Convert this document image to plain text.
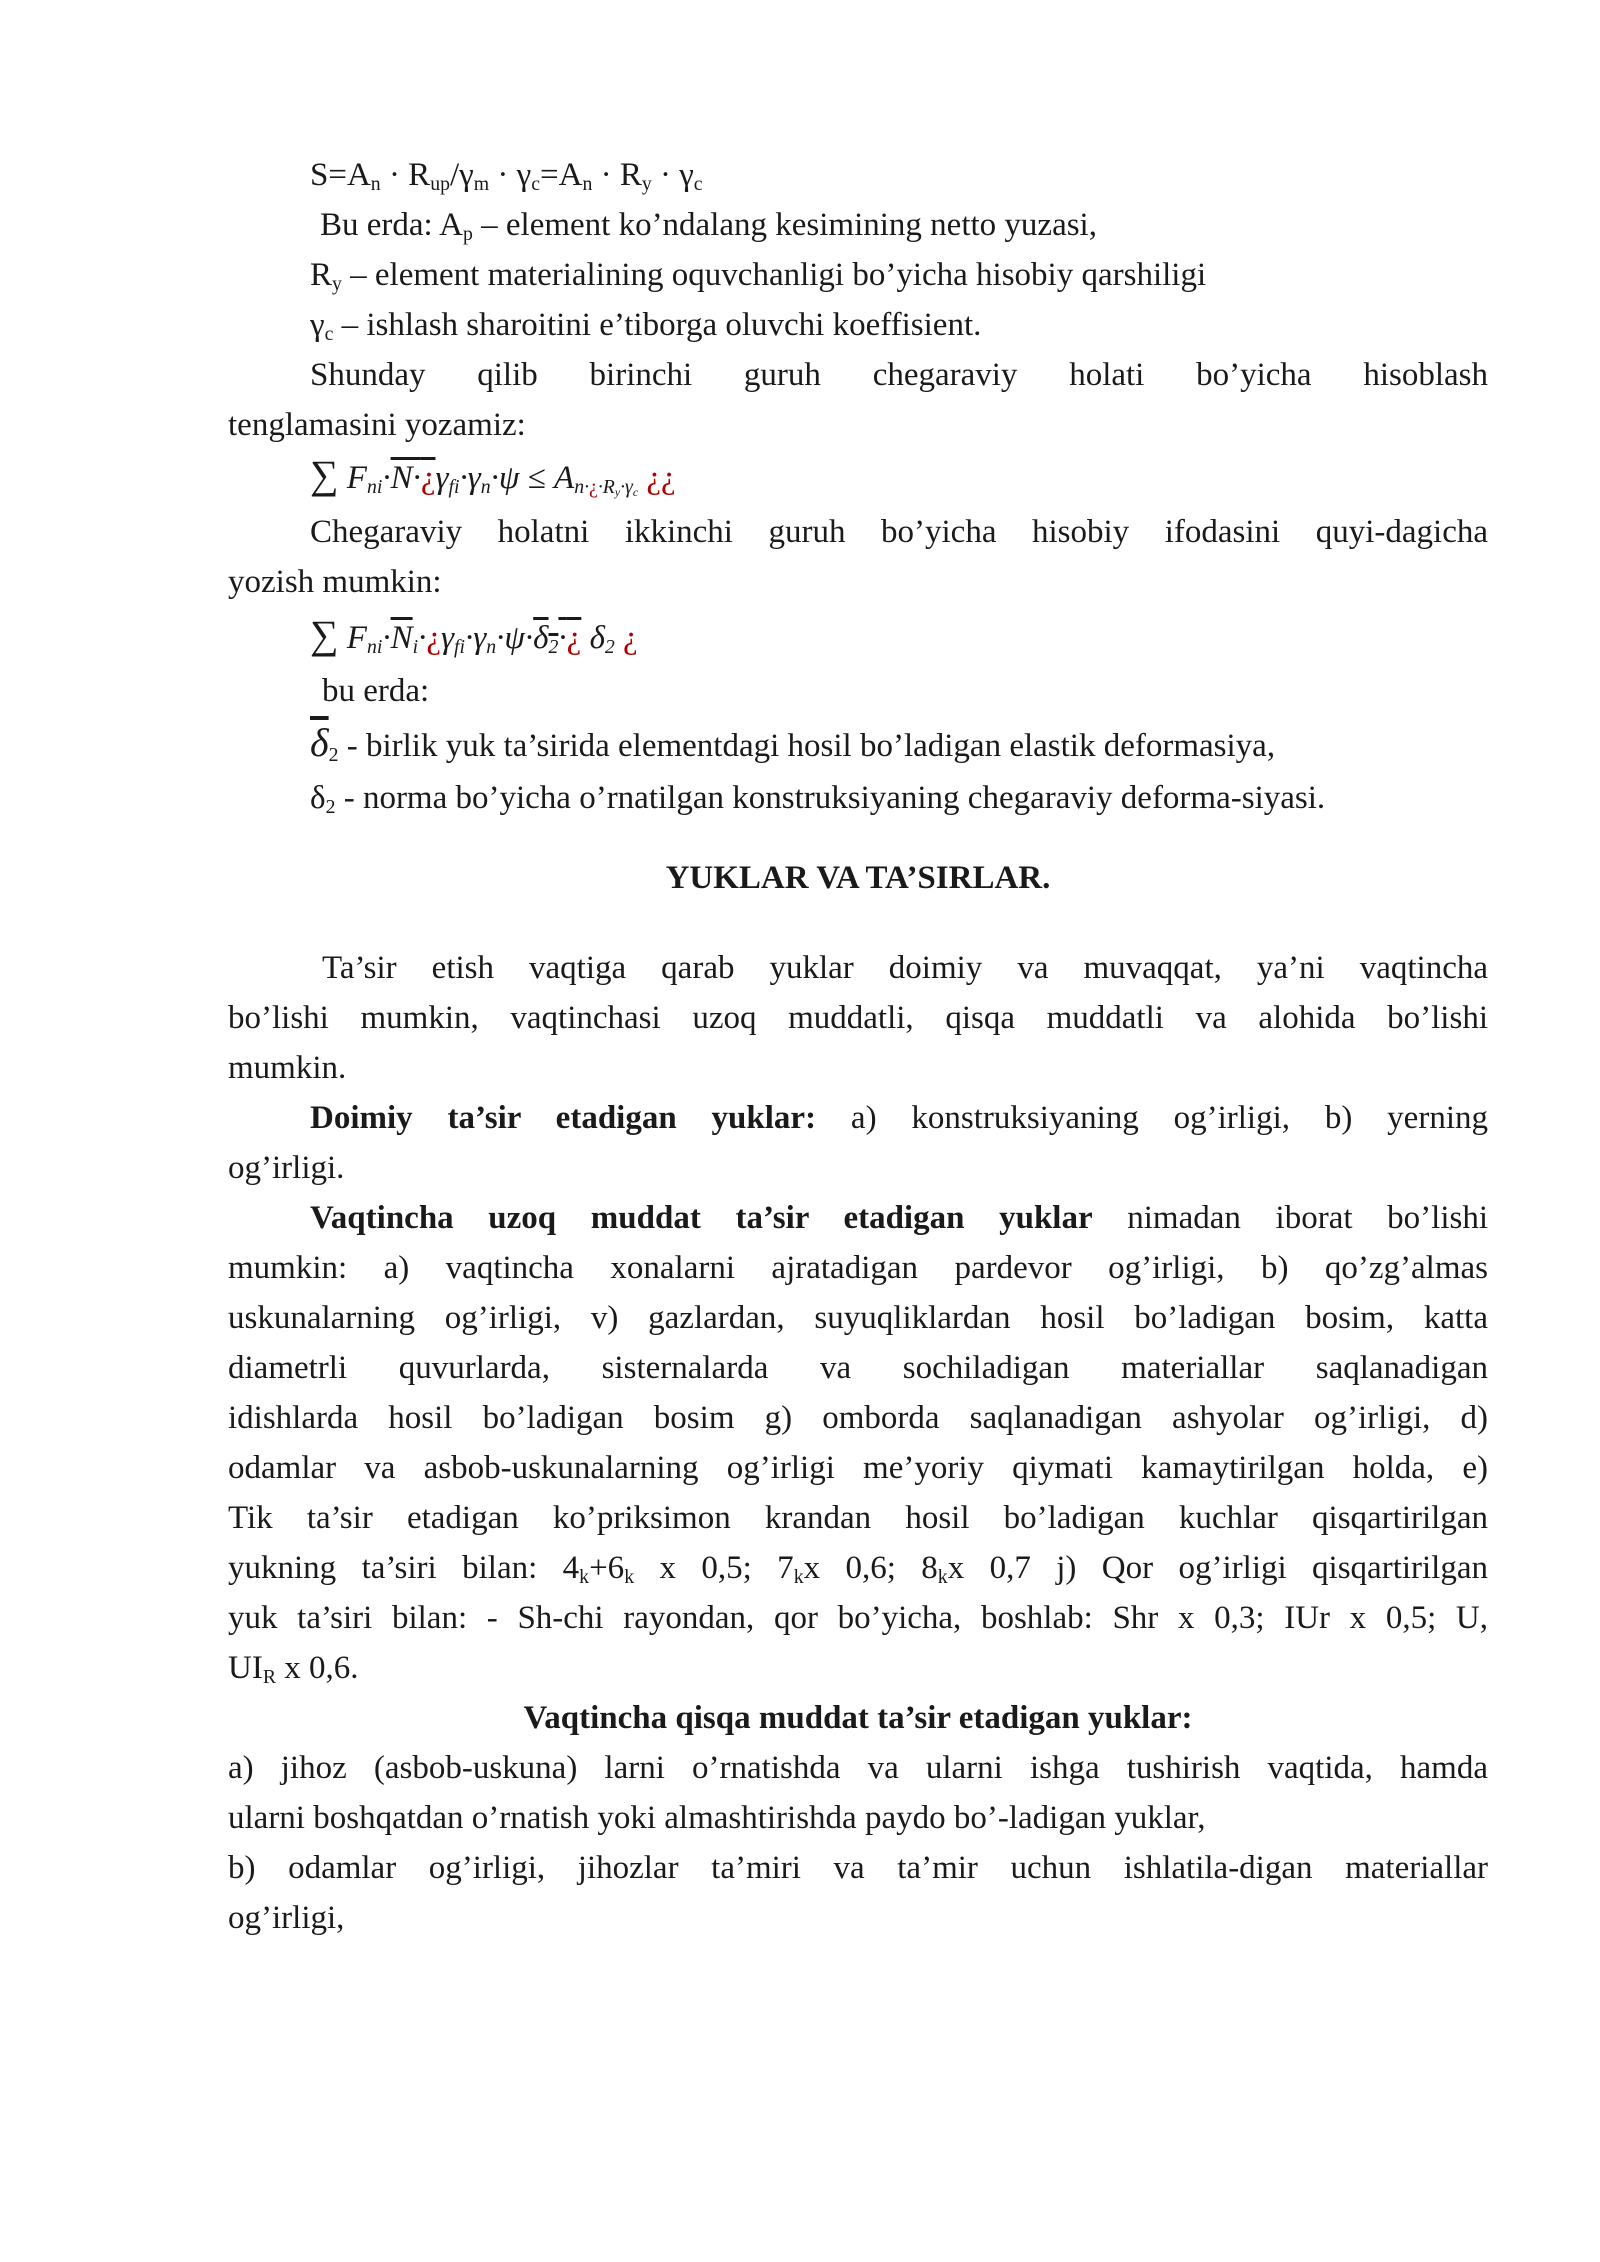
$S=A_n \cdot R_{up}/\gamma_m \cdot \gamma_c=A_n \cdot R_y \cdot \gamma_c$
Bu erda: $A_p$ – element ko’ndalang kesimining netto yuzasi,
$R_y$ – element materialining oquvchanligi bo’yicha hisobiy qarshiligi
$\gamma_c$ – ishlash sharoitini e’tiborga oluvchi koeffisient.
Shunday qilib birinchi guruh chegaraviy holati bo’yicha hisoblash
tenglamasini yozamiz:
∑ $F_{ni}\cdot N\cdot¿\gamma_{fi}\cdot\gamma_n\cdot\psi \le A_{n\cdot¿\cdot R_y\cdot\gamma_c}$ ¿¿
Chegaraviy holatni ikkinchi guruh bo’yicha hisobiy ifodasini quyi-dagicha
yozish mumkin:
∑ $F_{ni}\cdot\overline{N}_i\cdot¿\gamma_{fi}\cdot\gamma_n\cdot\psi\cdot\delta_2\cdot¿$ $\delta_2$ ¿
bu erda:
$\overline{\delta}_2$ - birlik yuk ta’sirida elementdagi hosil bo’ladigan elastik deformasiya,
$\delta_2$ - norma bo’yicha o’rnatilgan konstruksiyaning chegaraviy deforma-siyasi.
YUKLAR VA TA’SIRLAR.
Ta’sir etish vaqtiga qarab yuklar doimiy va muvaqqat, ya’ni vaqtincha
bo’lishi mumkin, vaqtinchasi uzoq muddatli, qisqa muddatli va alohida bo’lishi
mumkin.
Doimiy ta’sir etadigan yuklar: a) konstruksiyaning og’irligi, b) yerning
og’irligi.
Vaqtincha uzoq muddat ta’sir etadigan yuklar nimadan iborat bo’lishi
mumkin: a) vaqtincha xonalarni ajratadigan pardevor og’irligi, b) qo’zg’almas
uskunalarning og’irligi, v) gazlardan, suyuqliklardan hosil bo’ladigan bosim, katta
diametrli quvurlarda, sisternalarda va sochiladigan materiallar saqlanadigan
idishlarda hosil bo’ladigan bosim g) omborda saqlanadigan ashyolar og’irligi, d)
odamlar va asbob-uskunalarning og’irligi me’yoriy qiymati kamaytirilgan holda, e)
Tik ta’sir etadigan ko’priksimon krandan hosil bo’ladigan kuchlar qisqartirilgan
yukning ta’siri bilan: $4_k+6_k$ x 0,5; $7_kx$ 0,6; $8_kx$ 0,7 j) Qor og’irligi qisqartirilgan
yuk ta’siri bilan: - Sh-chi rayondan, qor bo’yicha, boshlab: Shr x 0,3; IUr x 0,5; U,
$UI_R$ x 0,6.
Vaqtincha qisqa muddat ta’sir etadigan yuklar:
a) jihoz (asbob-uskuna) larni o’rnatishda va ularni ishga tushirish vaqtida, hamda
ularni boshqatdan o’rnatish yoki almashtirishda paydo bo’-ladigan yuklar,
b) odamlar og’irligi, jihozlar ta’miri va ta’mir uchun ishlatila-digan materiallar
og’irligi,
